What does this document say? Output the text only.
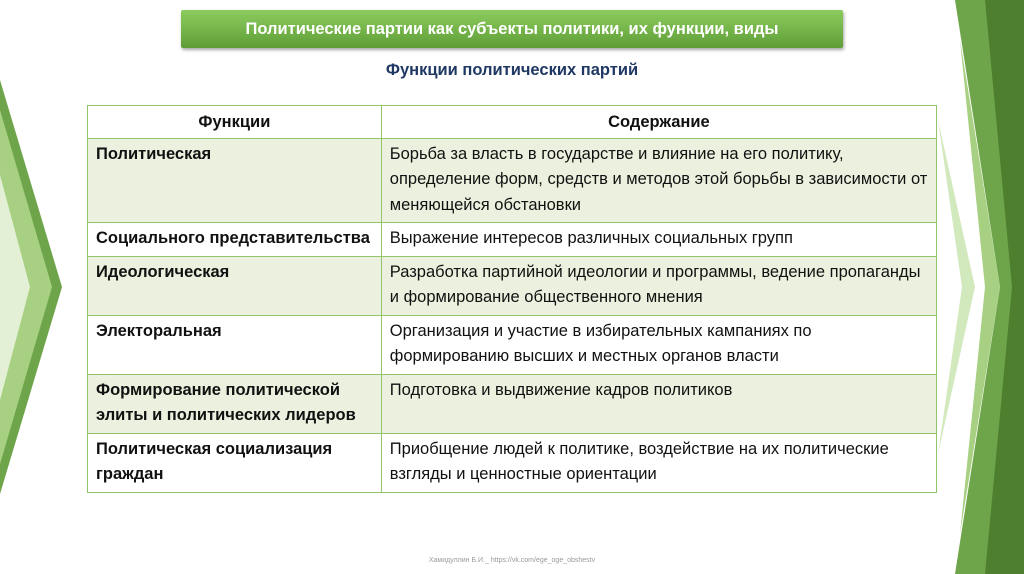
Политические партии как субъекты политики, их функции, виды
Функции политических партий
Функции	Содержание
Политическая	Борьба за власть в государстве и влияние на его политику, определение форм, средств и методов этой борьбы в зависимости от меняющейся обстановки
Социального представительства	Выражение интересов различных социальных групп
Идеологическая	Разработка партийной идеологии и программы, ведение пропаганды и формирование общественного мнения
Электоральная	Организация и участие в избирательных кампаниях по формированию высших и местных органов власти
Формирование политической элиты и политических лидеров	Подготовка и выдвижение кадров политиков
Политическая социализация граждан	Приобщение людей к политике, воздействие на их политические взгляды и ценностные ориентации
Хамидуллин Б.И._ https://vk.com/ege_oge_obshestv
